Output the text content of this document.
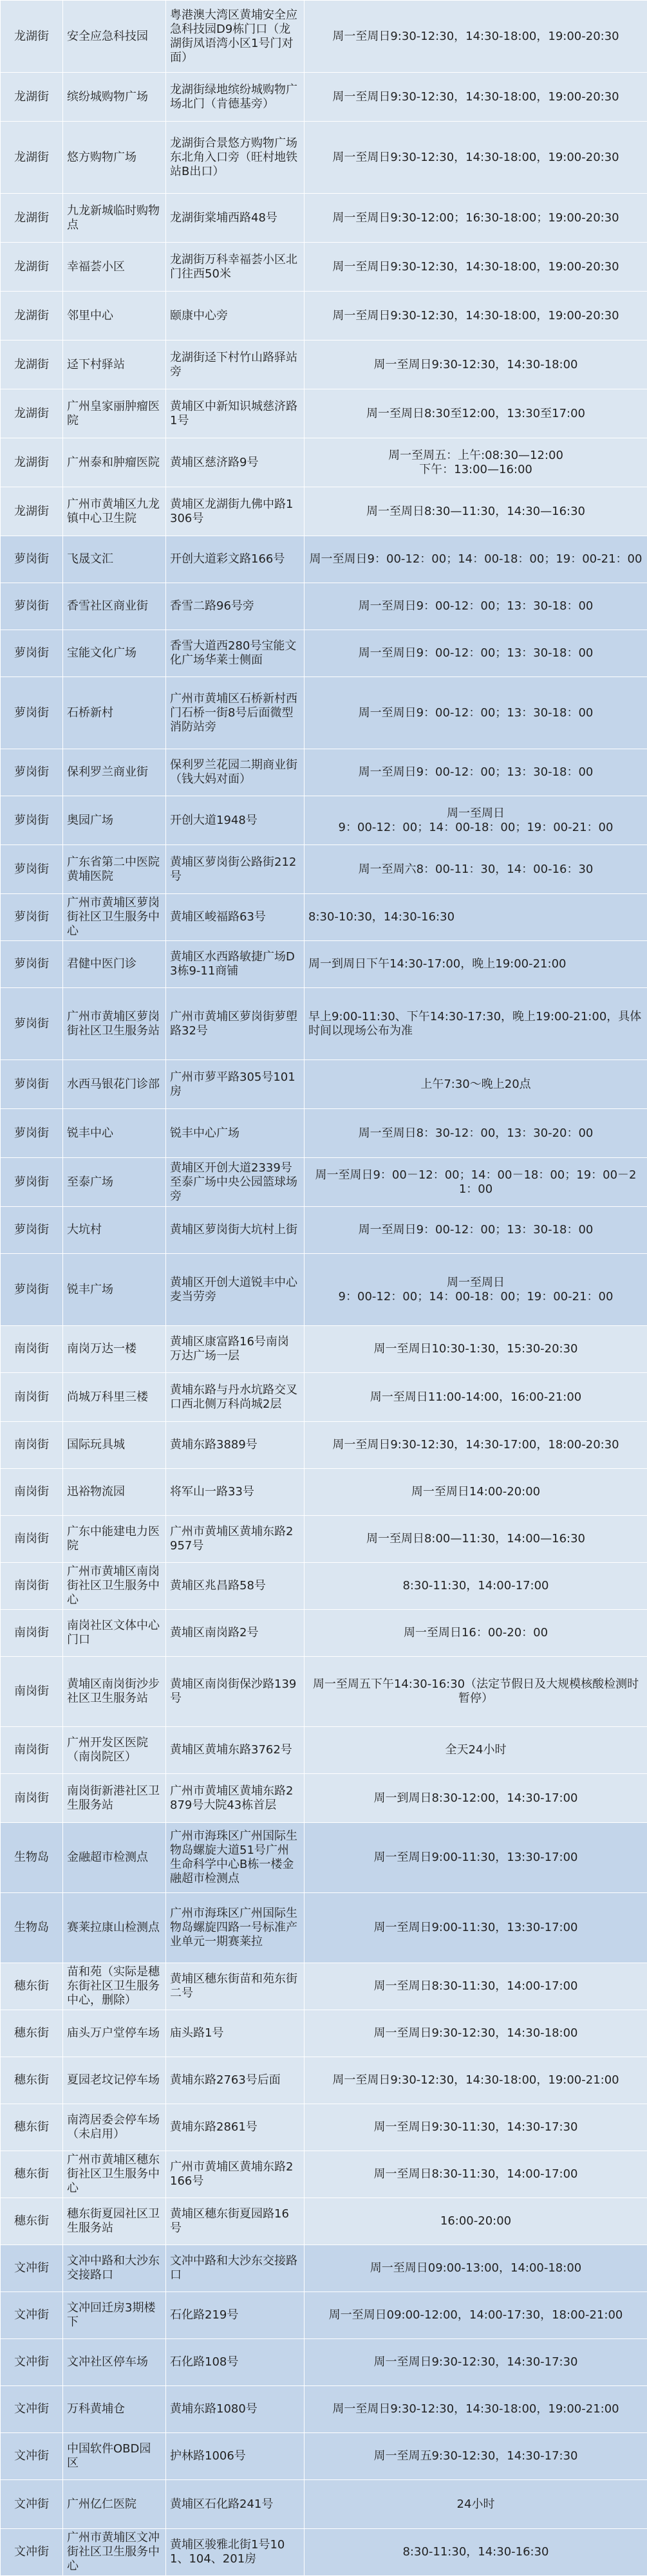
龙湖街	安全应急科技园	粤港澳大湾区黄埔安全应急科技园D9栋门口（龙湖街凤语湾小区1号门对面）	周一至周日9:30-12:30，14:30-18:00，19:00-20:30
龙湖街	缤纷城购物广场	龙湖街绿地缤纷城购物广场北门（肯德基旁）	周一至周日9:30-12:30，14:30-18:00，19:00-20:30
龙湖街	悠方购物广场	龙湖街合景悠方购物广场东北角入口旁（旺村地铁站B出口）	周一至周日9:30-12:30，14:30-18:00，19:00-20:30
龙湖街	九龙新城临时购物点	龙湖街棠埔西路48号	周一至周日9:30-12:00；16:30-18:00；19:00-20:30
龙湖街	幸福荟小区	龙湖街万科幸福荟小区北门往西50米	周一至周日9:30-12:30，14:30-18:00，19:00-20:30
龙湖街	邻里中心	颐康中心旁	周一至周日9:30-12:30，14:30-18:00，19:00-20:30
龙湖街	迳下村驿站	龙湖街迳下村竹山路驿站旁	周一至周日9:30-12:30，14:30-18:00
龙湖街	广州皇家丽肿瘤医院	黄埔区中新知识城慈济路1号	周一至周日8:30至12:00，13:30至17:00
龙湖街	广州泰和肿瘤医院	黄埔区慈济路9号	周一至周五：上午:08:30—12:00
下午：13:00—16:00
龙湖街	广州市黄埔区九龙镇中心卫生院	黄埔区龙湖街九佛中路1306号	周一至周日8:30—11:30，14:30—16:30
萝岗街	飞晟文汇	开创大道彩文路166号	周一至周日9：00-12：00；14：00-18：00；19：00-21：00
萝岗街	香雪社区商业街	香雪二路96号旁	周一至周日9：00-12：00；13：30-18：00
萝岗街	宝能文化广场	香雪大道西280号宝能文化广场华莱士侧面	周一至周日9：00-12：00；13：30-18：00
萝岗街	石桥新村	广州市黄埔区石桥新村西门石桥一街8号后面微型消防站旁	周一至周日9：00-12：00；13：30-18：00
萝岗街	保利罗兰商业街	保利罗兰花园二期商业街（钱大妈对面）	周一至周日9：00-12：00；13：30-18：00
萝岗街	奥园广场	开创大道1948号	周一至周日
9：00-12：00；14：00-18：00；19：00-21：00
萝岗街	广东省第二中医院黄埔医院	黄埔区萝岗街公路街212号	周一至周六8：00-11：30，14：00-16：30
萝岗街	广州市黄埔区萝岗街社区卫生服务中心	黄埔区峻福路63号	8:30-10:30，14:30-16:30
萝岗街	君健中医门诊	黄埔区水西路敏捷广场D3栋9-11商铺	周一到周日下午14:30-17:00，晚上19:00-21:00
萝岗街	广州市黄埔区萝岗街社区卫生服务站	广州市黄埔区萝岗街萝塱路32号	早上9:00-11:30、下午14:30-17:30，晚上19:00-21:00，具体时间以现场公布为准
萝岗街	水西马银花门诊部	广州市萝平路305号101房	上午7:30～晚上20点
萝岗街	锐丰中心	锐丰中心广场	周一至周日8：30-12：00，13：30-20：00
萝岗街	至泰广场	黄埔区开创大道2339号至泰广场中央公园篮球场旁	周一至周日9：00－12：00；14：00－18：00；19：00－21：00
萝岗街	大坑村	黄埔区萝岗街大坑村上街	周一至周日9：00-12：00；13：30-18：00
萝岗街	锐丰广场	黄埔区开创大道锐丰中心麦当劳旁	周一至周日
9：00-12：00；14：00-18：00；19：00-21：00
南岗街	南岗万达一楼	黄埔区康富路16号南岗万达广场一层	周一至周日10:30-1:30，15:30-20:30
南岗街	尚城万科里三楼	黄埔东路与丹水坑路交叉口西北侧万科尚城2层	周一至周日11:00-14:00，16:00-21:00
南岗街	国际玩具城	黄埔东路3889号	周一至周日9:30-12:30，14:30-17:00，18:00-20:30
南岗街	迅裕物流园	将军山一路33号	周一至周日14:00-20:00
南岗街	广东中能建电力医院	广州市黄埔区黄埔东路2957号	周一至周日8:00—11:30，14:00—16:30
南岗街	广州市黄埔区南岗街社区卫生服务中心	黄埔区兆昌路58号	8:30-11:30，14:00-17:00
南岗街	南岗社区文体中心门口	黄埔区南岗路2号	周一至周日16：00-20：00
南岗街	黄埔区南岗街沙步社区卫生服务站	黄埔区南岗街保沙路139号	周一至周五下午14:30-16:30（法定节假日及大规模核酸检测时暂停）
南岗街	广州开发区医院（南岗院区）	黄埔区黄埔东路3762号	全天24小时
南岗街	南岗街新港社区卫生服务站	广州市黄埔区黄埔东路2879号大院43栋首层	周一到周日8:30-12:00，14:30-17:00
生物岛	金融超市检测点	广州市海珠区广州国际生物岛螺旋大道51号广州生命科学中心B栋一楼金融超市检测点	周一至周日9:00-11:30，13:30-17:00
生物岛	赛莱拉康山检测点	广州市海珠区广州国际生物岛螺旋四路一号标准产业单元一期赛莱拉	周一至周日9:00-11:30，13:30-17:00
穗东街	苗和苑（实际是穗东街社区卫生服务中心，删除）	黄埔区穗东街苗和苑东街二号	周一至周日8:30-11:30，14:00-17:00
穗东街	庙头万户堂停车场	庙头路1号	周一至周日9:30-12:30，14:30-18:00
穗东街	夏园老坟记停车场	黄埔东路2763号后面	周一至周日9:30-12:30，14:30-18:00，19:00-21:00
穗东街	南湾居委会停车场（未启用）	黄埔东路2861号	周一至周日9:30-11:30，14:30-17:30
穗东街	广州市黄埔区穗东街社区卫生服务中心	广州市黄埔区黄埔东路2166号	周一至周日8:30-11:30，14:00-17:00
穗东街	穗东街夏园社区卫生服务站	黄埔区穗东街夏园路16号	16:00-20:00
文冲街	文冲中路和大沙东交接路口	文冲中路和大沙东交接路口	周一至周日09:00-13:00，14:00-18:00
文冲街	文冲回迁房3期楼下	石化路219号	周一至周日09:00-12:00，14:00-17:30，18:00-21:00
文冲街	文冲社区停车场	石化路108号	周一至周日9:30-12:30，14:30-17:30
文冲街	万科黄埔仓	黄埔东路1080号	周一至周日9:30-12:30，14:30-18:00，19:00-21:00
文冲街	中国软件OBD园区	护林路1006号	周一至周五9:30-12:30，14:30-17:30
文冲街	广州亿仁医院	黄埔区石化路241号	24小时
文冲街	广州市黄埔区文冲街社区卫生服务中心	黄埔区骏雅北街1号101、104、201房	8:30-11:30，14:30-16:30
